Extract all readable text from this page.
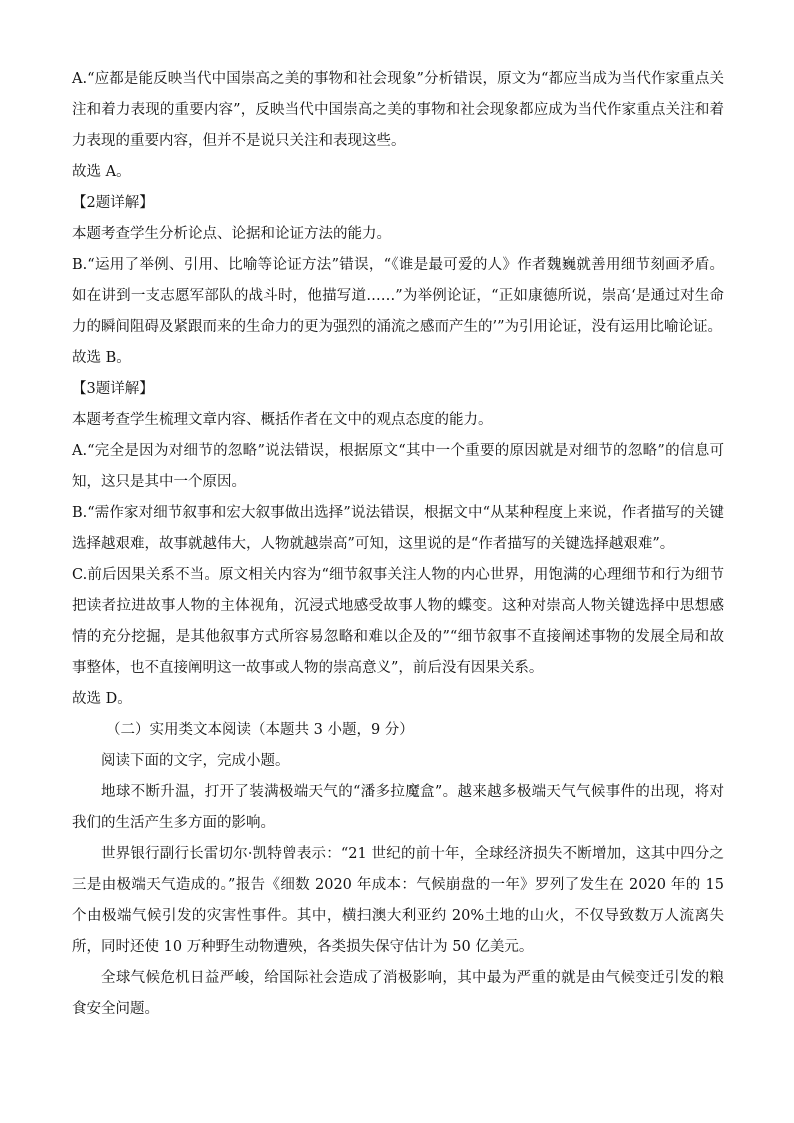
A.“应都是能反映当代中国崇高之美的事物和社会现象”分析错误，原文为“都应当成为当代作家重点关注和着力表现的重要内容”，反映当代中国崇高之美的事物和社会现象都应成为当代作家重点关注和着力表现的重要内容，但并不是说只关注和表现这些。

故选 A。

【2题详解】

本题考查学生分析论点、论据和论证方法的能力。

B.“运用了举例、引用、比喻等论证方法”错误，“《谁是最可爱的人》作者魏巍就善用细节刻画矛盾。如在讲到一支志愿军部队的战斗时，他描写道……”为举例论证，“正如康德所说，崇高‘是通过对生命力的瞬间阻碍及紧跟而来的生命力的更为强烈的涌流之感而产生的’”为引用论证，没有运用比喻论证。

故选 B。

【3题详解】

本题考查学生梳理文章内容、概括作者在文中的观点态度的能力。

A.“完全是因为对细节的忽略”说法错误，根据原文“其中一个重要的原因就是对细节的忽略”的信息可知，这只是其中一个原因。

B.“需作家对细节叙事和宏大叙事做出选择”说法错误，根据文中“从某种程度上来说，作者描写的关键选择越艰难，故事就越伟大，人物就越崇高”可知，这里说的是“作者描写的关键选择越艰难”。

C.前后因果关系不当。原文相关内容为“细节叙事关注人物的内心世界，用饱满的心理细节和行为细节把读者拉进故事人物的主体视角，沉浸式地感受故事人物的蝶变。这种对崇高人物关键选择中思想感情的充分挖掘，是其他叙事方式所容易忽略和难以企及的”“细节叙事不直接阐述事物的发展全局和故事整体，也不直接阐明这一故事或人物的崇高意义”，前后没有因果关系。

故选 D。

（二）实用类文本阅读（本题共 3 小题，9 分）

阅读下面的文字，完成小题。

地球不断升温，打开了装满极端天气的“潘多拉魔盒”。越来越多极端天气气候事件的出现，将对我们的生活产生多方面的影响。

世界银行副行长雷切尔·凯特曾表示：“21 世纪的前十年，全球经济损失不断增加，这其中四分之三是由极端天气造成的。”报告《细数 2020 年成本：气候崩盘的一年》罗列了发生在 2020 年的 15 个由极端气候引发的灾害性事件。其中，横扫澳大利亚约 20%土地的山火，不仅导致数万人流离失所，同时还使 10 万种野生动物遭殃，各类损失保守估计为 50 亿美元。

全球气候危机日益严峻，给国际社会造成了消极影响，其中最为严重的就是由气候变迁引发的粮食安全问题。
